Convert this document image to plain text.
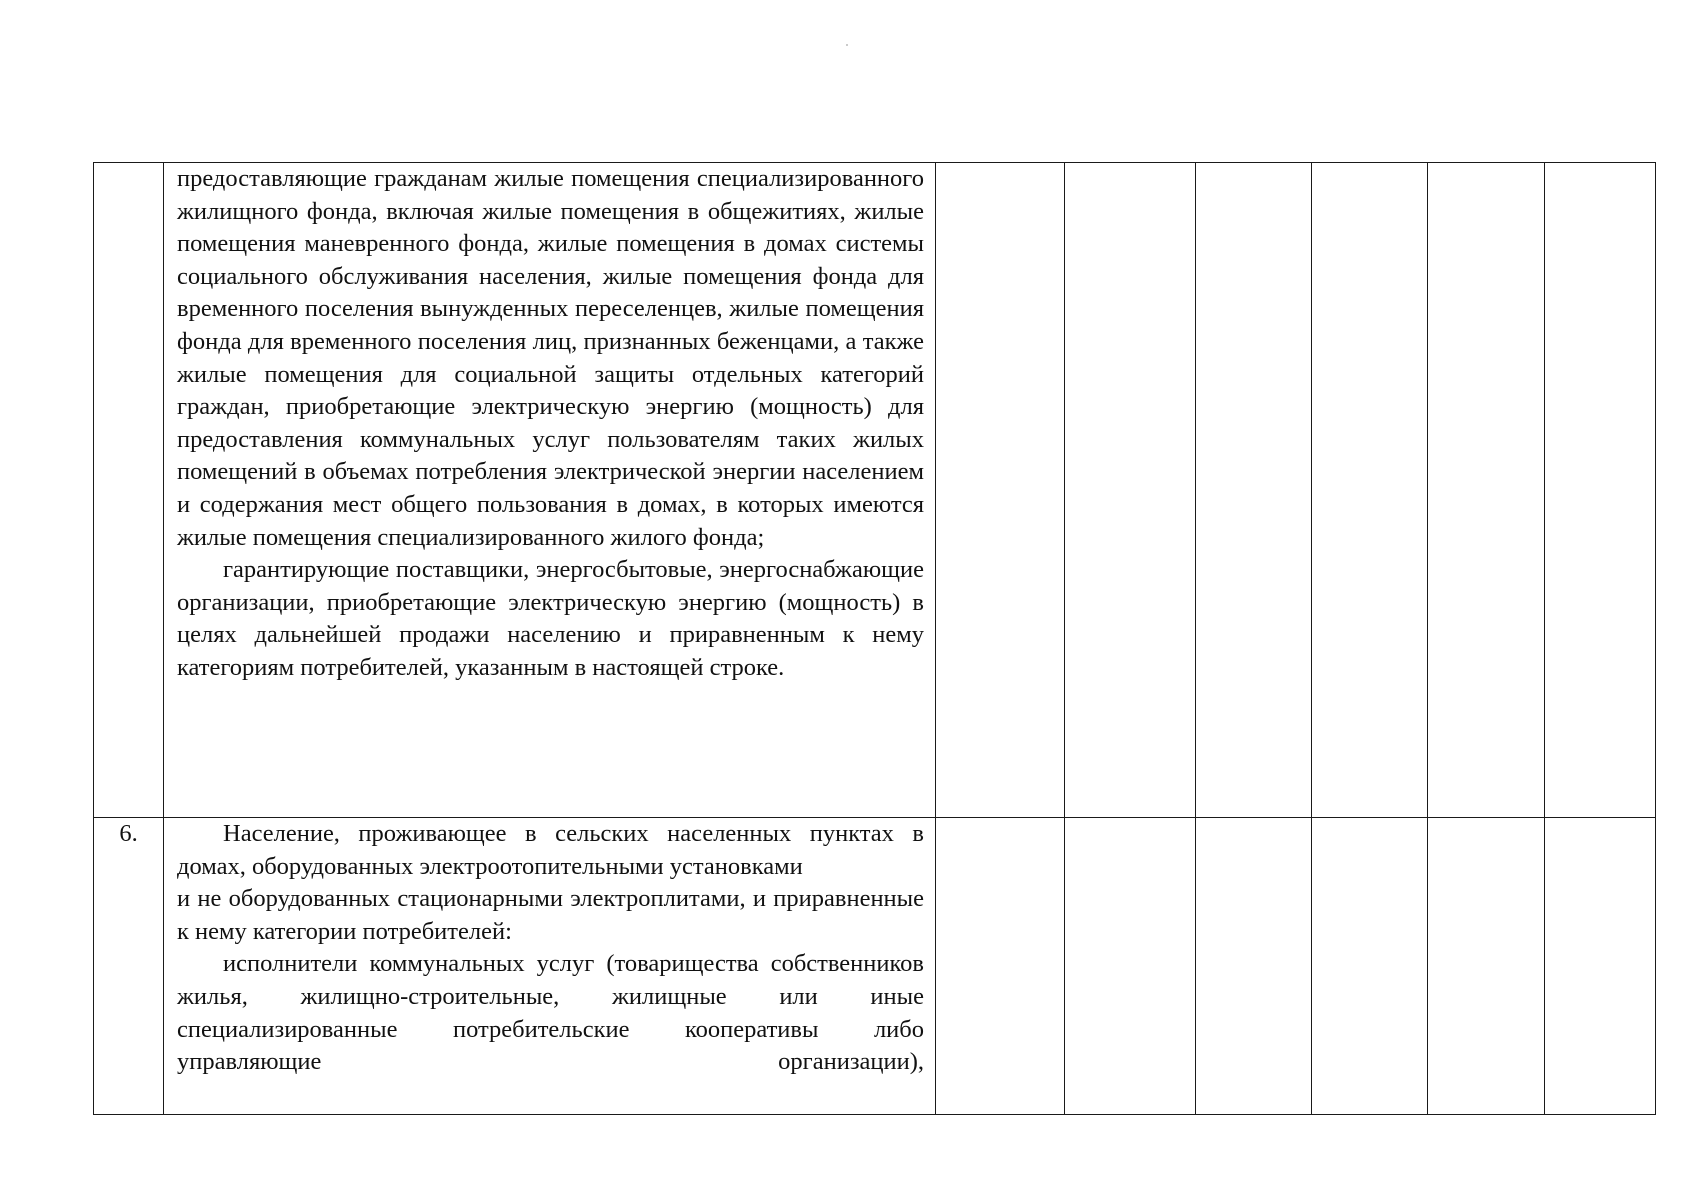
	предоставляющие гражданам жилые помещения специализированного жилищного фонда, включая жилые помещения в общежитиях, жилые помещения маневренного фонда, жилые помещения в домах системы социального обслуживания населения, жилые помещения фонда для временного поселения вынужденных переселенцев, жилые помещения фонда для временного поселения лиц, признанных беженцами, а также жилые помещения для социальной защиты отдельных категорий граждан, приобретающие электрическую энергию (мощность) для предоставления коммунальных услуг пользователям таких жилых помещений в объемах потребления электрической энергии населением и содержания мест общего пользования в домах, в которых имеются жилые помещения специализированного жилого фонда;

гарантирующие поставщики, энергосбытовые, энергоснабжающие организации, приобретающие электрическую энергию (мощность) в целях дальнейшей продажи населению и приравненным к нему категориям потребителей, указанным в настоящей строке.						

6.	Население, проживающее в сельских населенных пунктах в домах, оборудованных электроотопительными установками

и не оборудованных стационарными электроплитами, и приравненные к нему категории потребителей:

исполнители коммунальных услуг (товарищества собственников жилья, жилищно-строительные, жилищные или иные специализированные потребительские кооперативы либо управляющие организации),						
